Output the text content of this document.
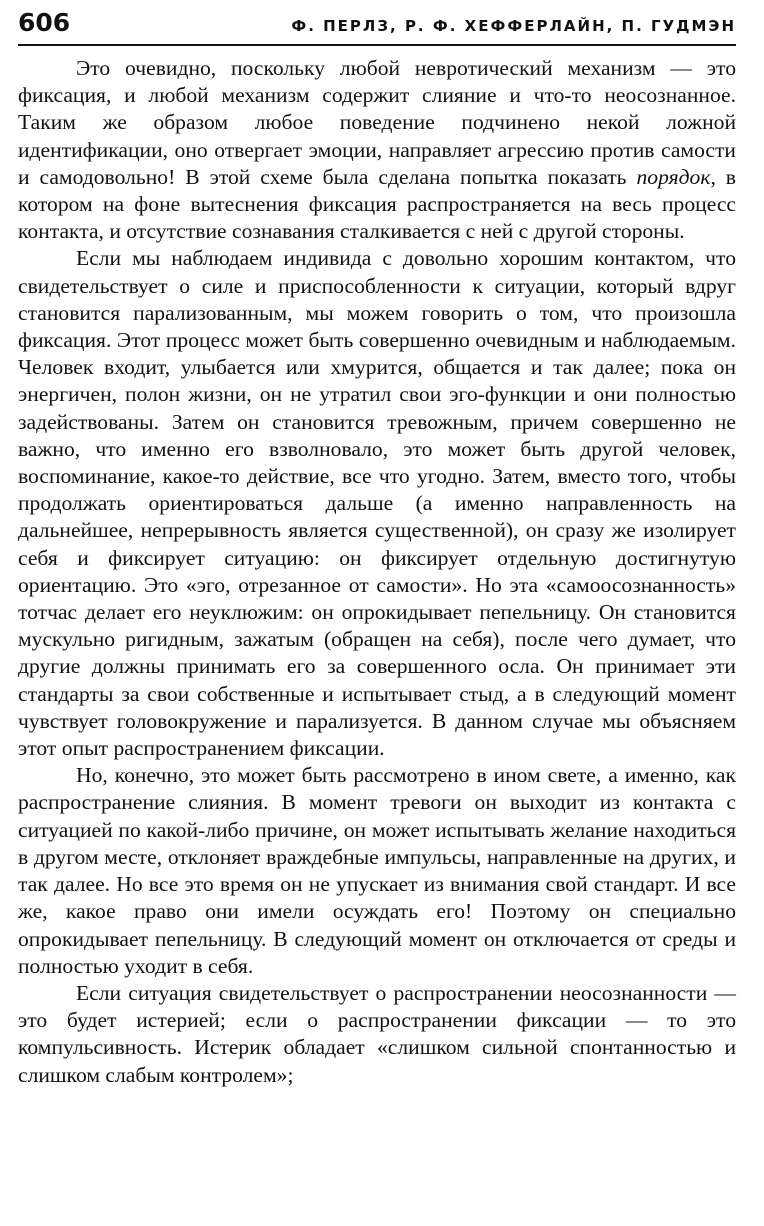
606	Ф. ПЕРЛЗ, Р. Ф. ХЕФФЕРЛАЙН, П. ГУДМЭН

Это очевидно, поскольку любой невротический механизм — это фиксация, и любой механизм содержит слияние и что-то неосознанное. Таким же образом любое поведение подчинено некой ложной идентификации, оно отвергает эмоции, направляет агрессию против самости и самодовольно! В этой схеме была сделана попытка показать порядок, в котором на фоне вытеснения фиксация распространяется на весь процесс контакта, и отсутствие сознавания сталкивается с ней с другой стороны.

Если мы наблюдаем индивида с довольно хорошим контактом, что свидетельствует о силе и приспособленности к ситуации, который вдруг становится парализованным, мы можем говорить о том, что произошла фиксация. Этот процесс может быть совершенно очевидным и наблюдаемым. Человек входит, улыбается или хмурится, общается и так далее; пока он энергичен, полон жизни, он не утратил свои эго-функции и они полностью задействованы. Затем он становится тревожным, причем совершенно не важно, что именно его взволновало, это может быть другой человек, воспоминание, какое-то действие, все что угодно. Затем, вместо того, чтобы продолжать ориентироваться дальше (а именно направленность на дальнейшее, непрерывность является существенной), он сразу же изолирует себя и фиксирует ситуацию: он фиксирует отдельную достигнутую ориентацию. Это «эго, отрезанное от самости». Но эта «самоосознанность» тотчас делает его неуклюжим: он опрокидывает пепельницу. Он становится мускульно ригидным, зажатым (обращен на себя), после чего думает, что другие должны принимать его за совершенного осла. Он принимает эти стандарты за свои собственные и испытывает стыд, а в следующий момент чувствует головокружение и парализуется. В данном случае мы объясняем этот опыт распространением фиксации.

Но, конечно, это может быть рассмотрено в ином свете, а именно, как распространение слияния. В момент тревоги он выходит из контакта с ситуацией по какой-либо причине, он может испытывать желание находиться в другом месте, отклоняет враждебные импульсы, направленные на других, и так далее. Но все это время он не упускает из внимания свой стандарт. И все же, какое право они имели осуждать его! Поэтому он специально опрокидывает пепельницу. В следующий момент он отключается от среды и полностью уходит в себя.

Если ситуация свидетельствует о распространении неосознанности — это будет истерией; если о распространении фиксации — то это компульсивность. Истерик обладает «слишком сильной спонтанностью и слишком слабым контролем»;
